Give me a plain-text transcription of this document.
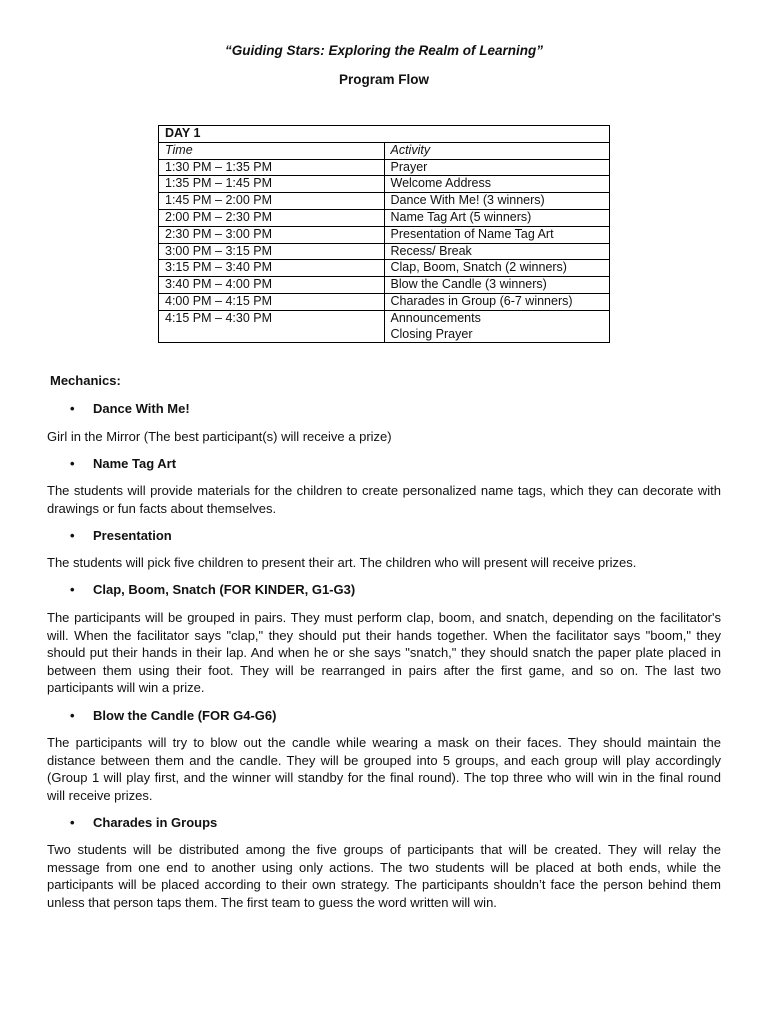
“Guiding Stars: Exploring the Realm of Learning”
Program Flow
DAY 1	
Time	Activity
1:30 PM – 1:35 PM	Prayer
1:35 PM – 1:45 PM	Welcome Address
1:45 PM – 2:00 PM	Dance With Me! (3 winners)
2:00 PM – 2:30 PM	Name Tag Art (5 winners)
2:30 PM – 3:00 PM	Presentation of Name Tag Art
3:00 PM – 3:15 PM	Recess/ Break
3:15 PM – 3:40 PM	Clap, Boom, Snatch (2 winners)
3:40 PM – 4:00 PM	Blow the Candle (3 winners)
4:00 PM – 4:15 PM	Charades in Group (6-7 winners)
4:15 PM – 4:30 PM	Announcements
Closing Prayer
Mechanics:
• Dance With Me!
Girl in the Mirror (The best participant(s) will receive a prize)
• Name Tag Art
The students will provide materials for the children to create personalized name tags, which they can decorate with drawings or fun facts about themselves.
• Presentation
The students will pick five children to present their art. The children who will present will receive prizes.
• Clap, Boom, Snatch (FOR KINDER, G1-G3)
The participants will be grouped in pairs. They must perform clap, boom, and snatch, depending on the facilitator's will. When the facilitator says "clap," they should put their hands together. When the facilitator says "boom," they should put their hands in their lap. And when he or she says "snatch," they should snatch the paper plate placed in between them using their foot. They will be rearranged in pairs after the first game, and so on. The last two participants will win a prize.
• Blow the Candle (FOR G4-G6)
The participants will try to blow out the candle while wearing a mask on their faces. They should maintain the distance between them and the candle. They will be grouped into 5 groups, and each group will play accordingly (Group 1 will play first, and the winner will standby for the final round). The top three who will win in the final round will receive prizes.
• Charades in Groups
Two students will be distributed among the five groups of participants that will be created. They will relay the message from one end to another using only actions. The two students will be placed at both ends, while the participants will be placed according to their own strategy. The participants shouldn’t face the person behind them unless that person taps them. The first team to guess the word written will win.
